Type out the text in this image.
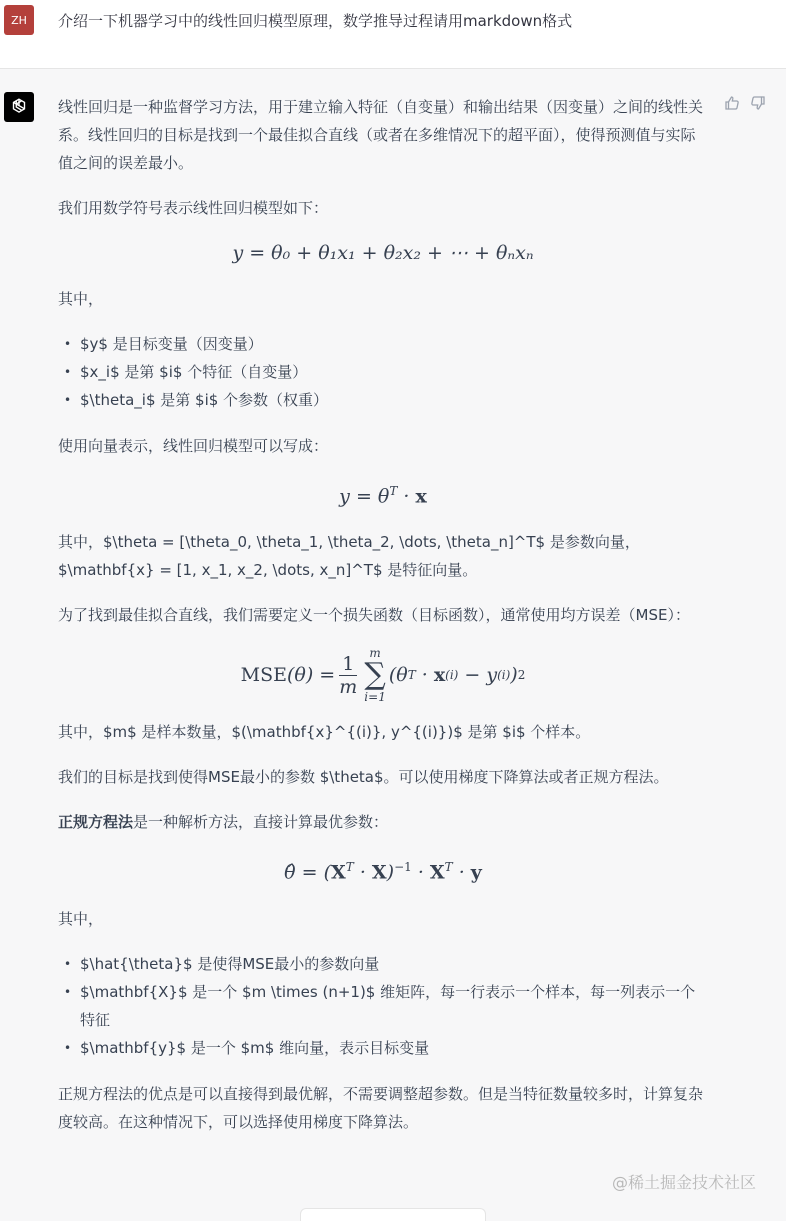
ZH	介绍一下机器学习中的线性回归模型原理，数学推导过程请用markdown格式

线性回归是一种监督学习方法，用于建立输入特征（自变量）和输出结果（因变量）之间的线性关系。线性回归的目标是找到一个最佳拟合直线（或者在多维情况下的超平面），使得预测值与实际值之间的误差最小。

我们用数学符号表示线性回归模型如下：

y = θ₀ + θ₁x₁ + θ₂x₂ + ⋯ + θₙxₙ

其中，

• $y$ 是目标变量（因变量）
• $x_i$ 是第 $i$ 个特征（自变量）
• $\theta_i$ 是第 $i$ 个参数（权重）

使用向量表示，线性回归模型可以写成：

$y = \theta^T \cdot x$

其中，$\theta = [\theta_0, \theta_1, \theta_2, \dots, \theta_n]^T$ 是参数向量，$\mathbf{x} = [1, x_1, x_2, \dots, x_n]^T$ 是特征向量。

为了找到最佳拟合直线，我们需要定义一个损失函数（目标函数），通常使用均方误差（MSE）：

MSE $(\theta) = \frac{1}{m}$ m
∑
i=1
(θ T · x (i) − y (i) ) 2

其中，$m$ 是样本数量，$(\mathbf{x}^{(i)}, y^{(i)})$ 是第 $i$ 个样本。

我们的目标是找到使得MSE最小的参数 $\theta$。可以使用梯度下降算法或者正规方程法。

正规方程法是一种解析方法，直接计算最优参数：

θ̂ = $(X^T \cdot X)^{-1} \cdot X^T \cdot y$

其中，

• $\hat{\theta}$ 是使得MSE最小的参数向量
• $\mathbf{X}$ 是一个 $m \times (n+1)$ 维矩阵，每一行表示一个样本，每一列表示一个特征
• $\mathbf{y}$ 是一个 $m$ 维向量，表示目标变量

正规方程法的优点是可以直接得到最优解，不需要调整超参数。但是当特征数量较多时，计算复杂度较高。在这种情况下，可以选择使用梯度下降算法。

@稀土掘金技术社区
